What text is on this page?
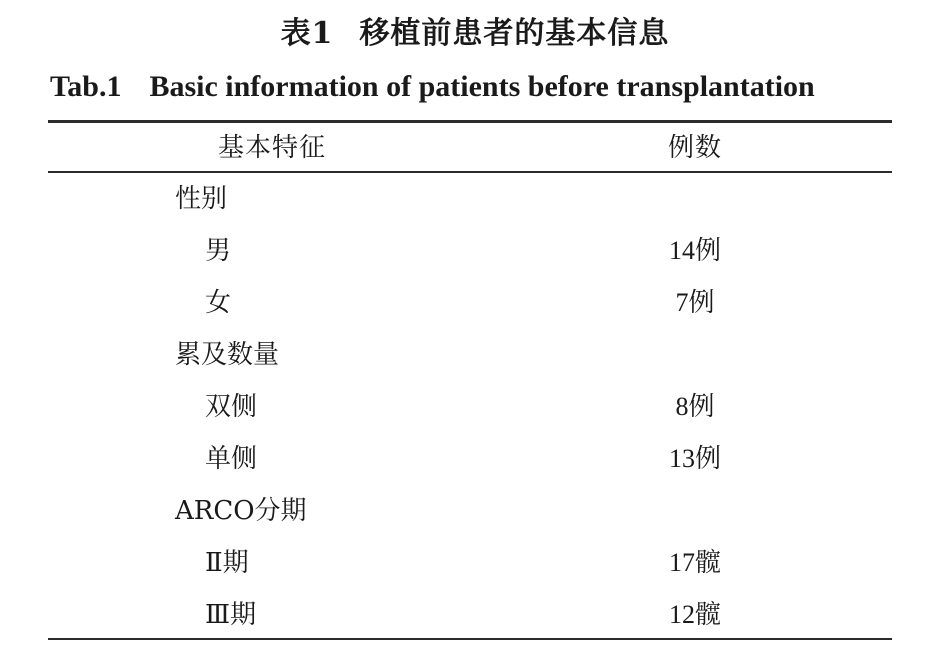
表1 移植前患者的基本信息
Tab.1 Basic information of patients before transplantation
基本特征	例数
性别
男	14例
女	7例
累及数量
双侧	8例
单侧	13例
ARCO分期
Ⅱ期	17髋
Ⅲ期	12髋
